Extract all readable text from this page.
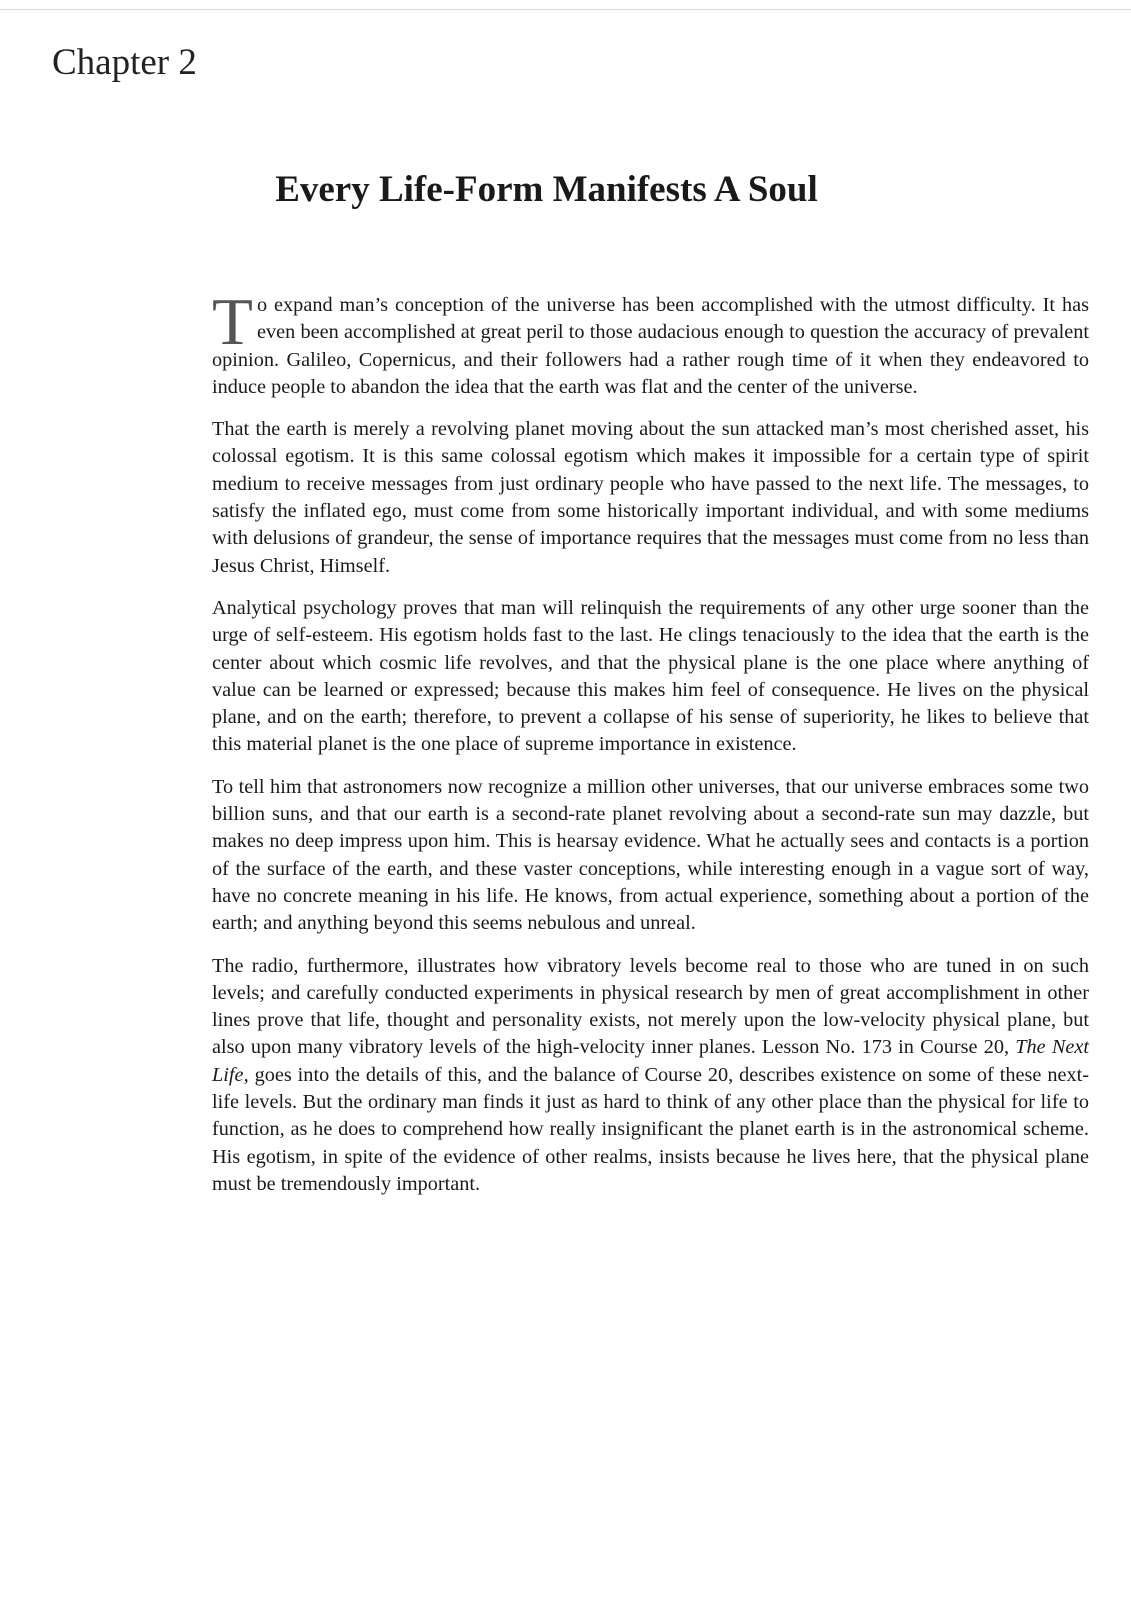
Chapter 2
Every Life-Form Manifests A Soul

To expand man’s conception of the universe has been accomplished with the utmost difficulty. It has even been accomplished at great peril to those audacious enough to question the accuracy of prevalent opinion. Galileo, Copernicus, and their followers had a rather rough time of it when they endeavored to induce people to abandon the idea that the earth was flat and the center of the universe.

That the earth is merely a revolving planet moving about the sun attacked man’s most cherished asset, his colossal egotism. It is this same colossal egotism which makes it impossible for a certain type of spirit medium to receive messages from just ordinary people who have passed to the next life. The messages, to satisfy the inflated ego, must come from some historically important individual, and with some mediums with delusions of grandeur, the sense of importance requires that the messages must come from no less than Jesus Christ, Himself.

Analytical psychology proves that man will relinquish the requirements of any other urge sooner than the urge of self-esteem. His egotism holds fast to the last. He clings tenaciously to the idea that the earth is the center about which cosmic life revolves, and that the physical plane is the one place where anything of value can be learned or expressed; because this makes him feel of consequence. He lives on the physical plane, and on the earth; therefore, to prevent a collapse of his sense of superiority, he likes to believe that this material planet is the one place of supreme importance in existence.

To tell him that astronomers now recognize a million other universes, that our universe embraces some two billion suns, and that our earth is a second-rate planet revolving about a second-rate sun may dazzle, but makes no deep impress upon him. This is hearsay evidence. What he actually sees and contacts is a portion of the surface of the earth, and these vaster conceptions, while interesting enough in a vague sort of way, have no concrete meaning in his life. He knows, from actual experience, something about a portion of the earth; and anything beyond this seems nebulous and unreal.

The radio, furthermore, illustrates how vibratory levels become real to those who are tuned in on such levels; and carefully conducted experiments in physical research by men of great accomplishment in other lines prove that life, thought and personality exists, not merely upon the low-velocity physical plane, but also upon many vibratory levels of the high-velocity inner planes. Lesson No. 173 in Course 20, The Next Life, goes into the details of this, and the balance of Course 20, describes existence on some of these next-life levels. But the ordinary man finds it just as hard to think of any other place than the physical for life to function, as he does to comprehend how really insignificant the planet earth is in the astronomical scheme. His egotism, in spite of the evidence of other realms, insists because he lives here, that the physical plane must be tremendously important.
